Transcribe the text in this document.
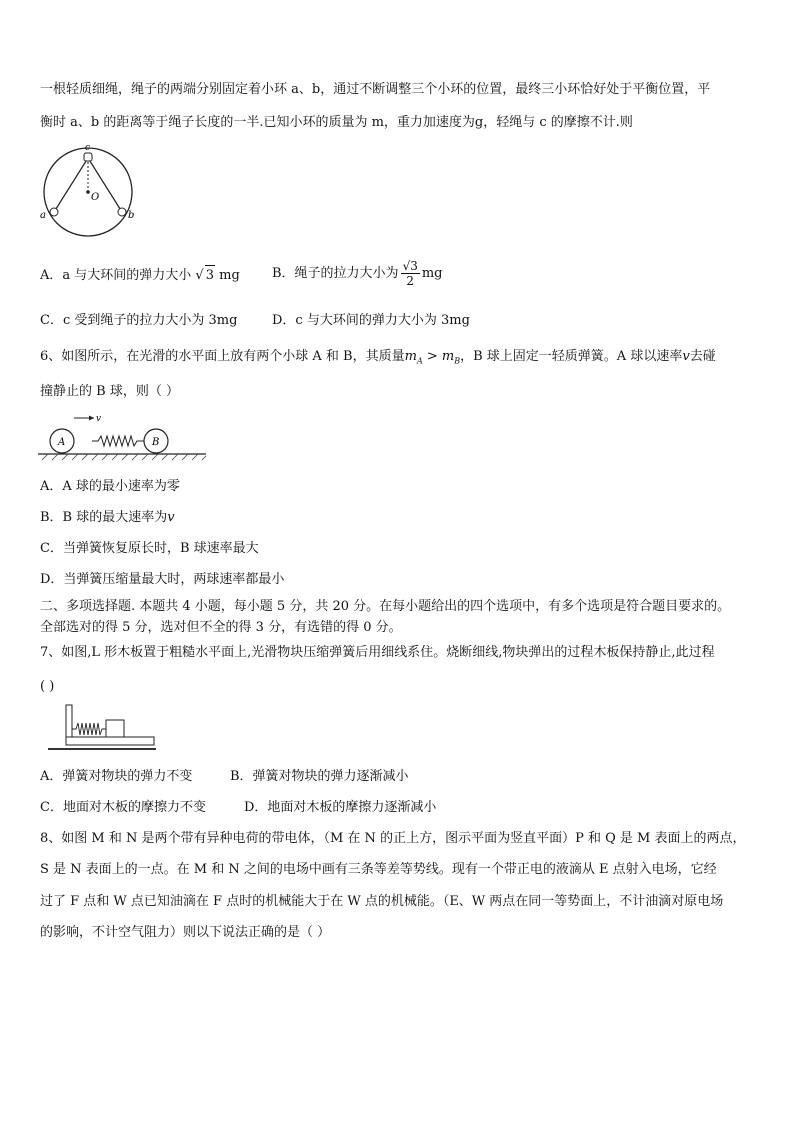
一根轻质细绳，绳子的两端分别固定着小环 a、b，通过不断调整三个小环的位置，最终三小环恰好处于平衡位置，平
衡时 a、b 的距离等于绳子长度的一半.已知小环的质量为 m，重力加速度为g，轻绳与 c 的摩擦不计.则
c
O
a	b
A．a 与大环间的弹力大小 √ 3 mg B．绳子的拉力大小为 $\frac{√3}{2}$ mg
C．c 受到绳子的拉力大小为 3mg	D．c 与大环间的弹力大小为 3mg
6、如图所示，在光滑的水平面上放有两个小球 A 和 B，其质量$m_A > m_B$，B 球上固定一轻质弹簧。A 球以速率v去碰
撞静止的 B 球，则（ ）
v
A	B
A．A 球的最小速率为零
B．B 球的最大速率为v
C．当弹簧恢复原长时，B 球速率最大
D．当弹簧压缩量最大时，两球速率都最小
二、多项选择题. 本题共 4 小题，每小题 5 分，共 20 分。在每小题给出的四个选项中，有多个选项是符合题目要求的。
全部选对的得 5 分，选对但不全的得 3 分，有选错的得 0 分。
7、如图,L 形木板置于粗糙水平面上,光滑物块压缩弹簧后用细线系住。烧断细线,物块弹出的过程木板保持静止,此过程
( )
A．弹簧对物块的弹力不变	B．弹簧对物块的弹力逐渐减小
C．地面对木板的摩擦力不变	D．地面对木板的摩擦力逐渐减小
8、如图 M 和 N 是两个带有异种电荷的带电体，（M 在 N 的正上方，图示平面为竖直平面）P 和 Q 是 M 表面上的两点，
S 是 N 表面上的一点。在 M 和 N 之间的电场中画有三条等差等势线。现有一个带正电的液滴从 E 点射入电场，它经
过了 F 点和 W 点已知油滴在 F 点时的机械能大于在 W 点的机械能。（E、W 两点在同一等势面上，不计油滴对原电场
的影响，不计空气阻力）则以下说法正确的是（ ）
